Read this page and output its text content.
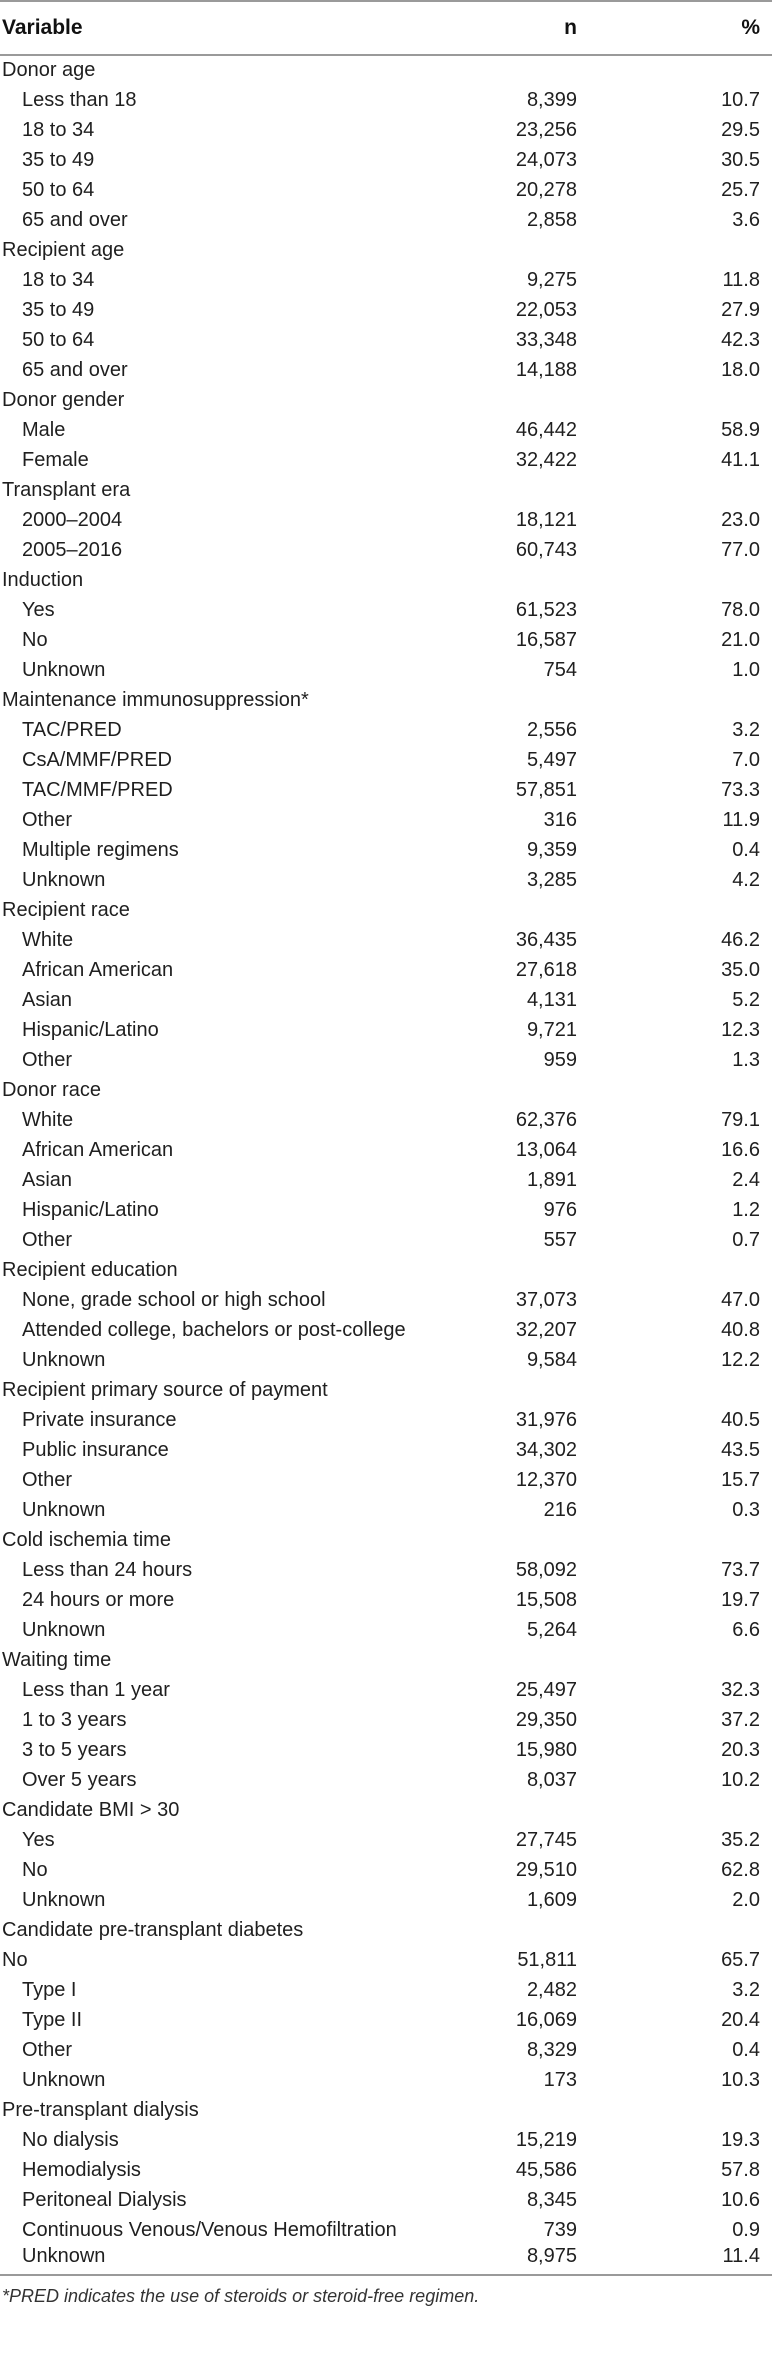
Variable	n	%
Donor age		
Less than 18	8,399	10.7
18 to 34	23,256	29.5
35 to 49	24,073	30.5
50 to 64	20,278	25.7
65 and over	2,858	3.6
Recipient age		
18 to 34	9,275	11.8
35 to 49	22,053	27.9
50 to 64	33,348	42.3
65 and over	14,188	18.0
Donor gender		
Male	46,442	58.9
Female	32,422	41.1
Transplant era		
2000–2004	18,121	23.0
2005–2016	60,743	77.0
Induction		
Yes	61,523	78.0
No	16,587	21.0
Unknown	754	1.0
Maintenance immunosuppression*		
TAC/PRED	2,556	3.2
CsA/MMF/PRED	5,497	7.0
TAC/MMF/PRED	57,851	73.3
Other	316	11.9
Multiple regimens	9,359	0.4
Unknown	3,285	4.2
Recipient race		
White	36,435	46.2
African American	27,618	35.0
Asian	4,131	5.2
Hispanic/Latino	9,721	12.3
Other	959	1.3
Donor race		
White	62,376	79.1
African American	13,064	16.6
Asian	1,891	2.4
Hispanic/Latino	976	1.2
Other	557	0.7
Recipient education		
None, grade school or high school	37,073	47.0
Attended college, bachelors or post-college	32,207	40.8
Unknown	9,584	12.2
Recipient primary source of payment		
Private insurance	31,976	40.5
Public insurance	34,302	43.5
Other	12,370	15.7
Unknown	216	0.3
Cold ischemia time		
Less than 24 hours	58,092	73.7
24 hours or more	15,508	19.7
Unknown	5,264	6.6
Waiting time		
Less than 1 year	25,497	32.3
1 to 3 years	29,350	37.2
3 to 5 years	15,980	20.3
Over 5 years	8,037	10.2
Candidate BMI > 30		
Yes	27,745	35.2
No	29,510	62.8
Unknown	1,609	2.0
Candidate pre-transplant diabetes		
No	51,811	65.7
Type I	2,482	3.2
Type II	16,069	20.4
Other	8,329	0.4
Unknown	173	10.3
Pre-transplant dialysis		
No dialysis	15,219	19.3
Hemodialysis	45,586	57.8
Peritoneal Dialysis	8,345	10.6
Continuous Venous/Venous Hemofiltration	739	0.9
Unknown	8,975	11.4
*PRED indicates the use of steroids or steroid-free regimen.
